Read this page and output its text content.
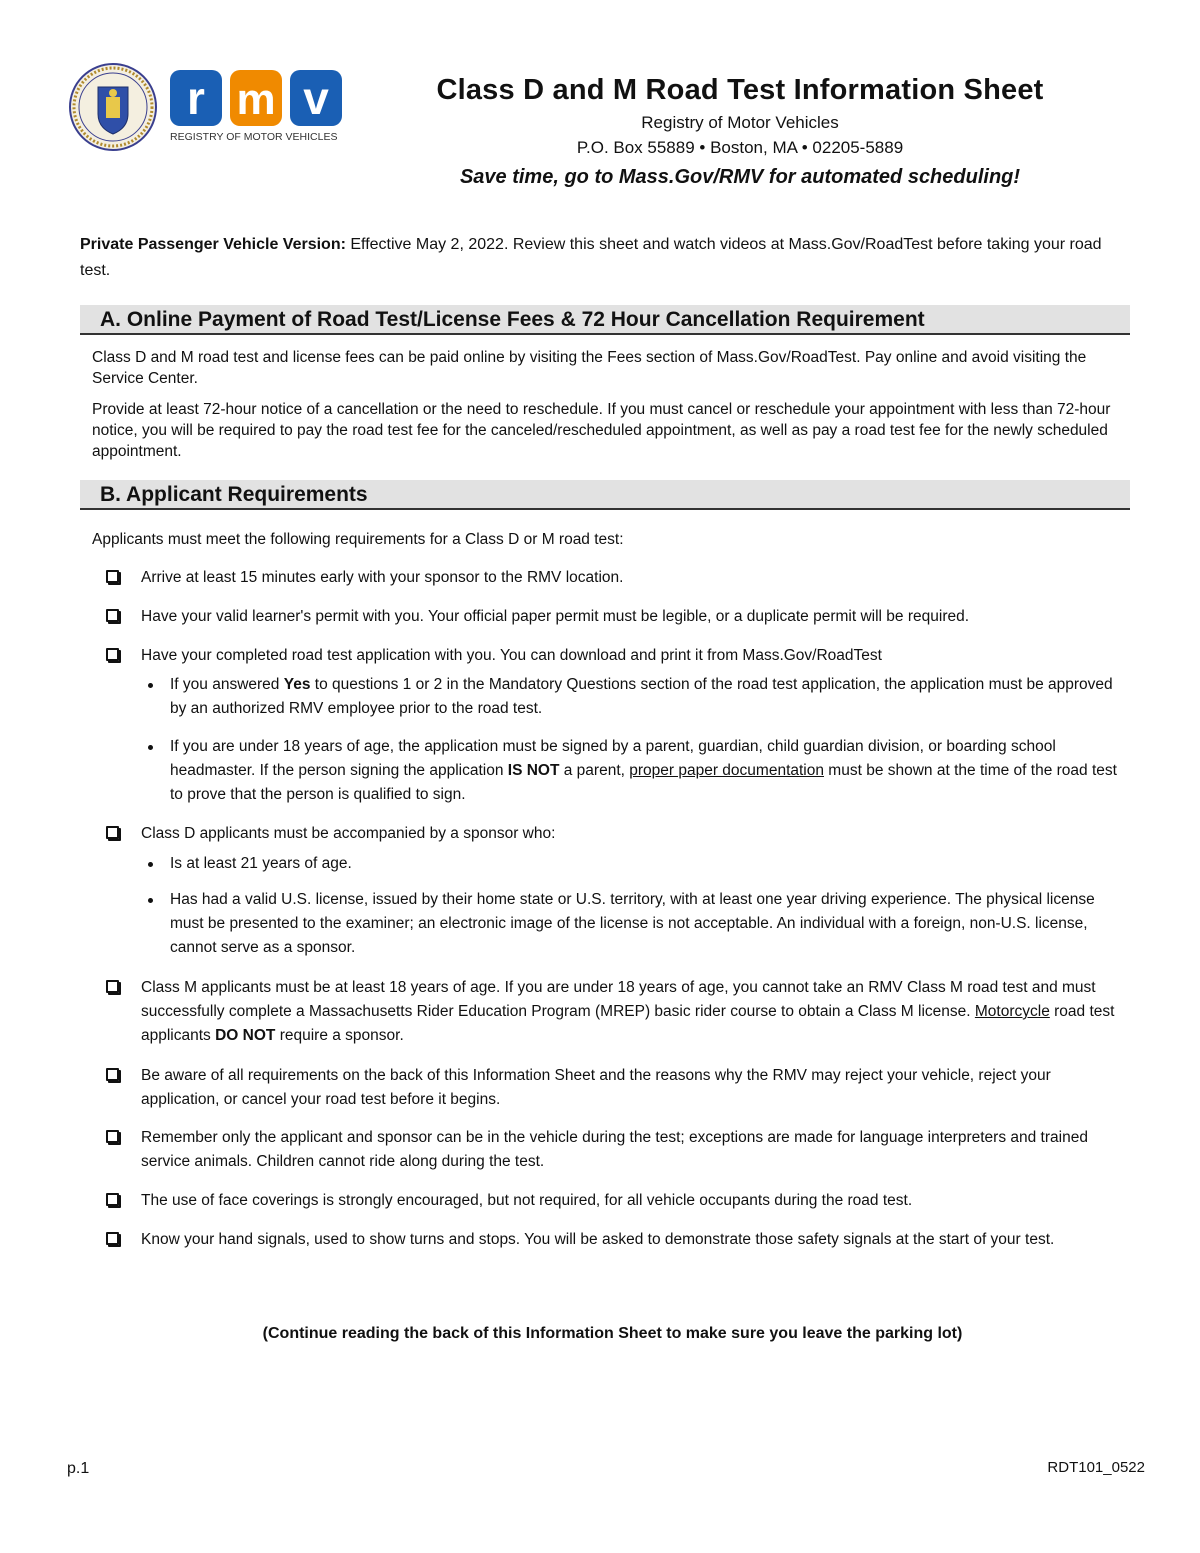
r m v
REGISTRY OF MOTOR VEHICLES
Class D and M Road Test Information Sheet
Registry of Motor Vehicles
P.O. Box 55889 • Boston, MA • 02205-5889
Save time, go to Mass.Gov/RMV for automated scheduling!
Private Passenger Vehicle Version: Effective May 2, 2022. Review this sheet and watch videos at Mass.Gov/RoadTest before taking your road test.
A. Online Payment of Road Test/License Fees & 72 Hour Cancellation Requirement
Class D and M road test and license fees can be paid online by visiting the Fees section of Mass.Gov/RoadTest. Pay online and avoid visiting the Service Center.
Provide at least 72-hour notice of a cancellation or the need to reschedule. If you must cancel or reschedule your appointment with less than 72-hour notice, you will be required to pay the road test fee for the canceled/rescheduled appointment, as well as pay a road test fee for the newly scheduled appointment.
B. Applicant Requirements
Applicants must meet the following requirements for a Class D or M road test:
Arrive at least 15 minutes early with your sponsor to the RMV location.
Have your valid learner's permit with you. Your official paper permit must be legible, or a duplicate permit will be required.
Have your completed road test application with you. You can download and print it from Mass.Gov/RoadTest
If you answered Yes to questions 1 or 2 in the Mandatory Questions section of the road test application, the application must be approved by an authorized RMV employee prior to the road test.
If you are under 18 years of age, the application must be signed by a parent, guardian, child guardian division, or boarding school headmaster. If the person signing the application IS NOT a parent, proper paper documentation must be shown at the time of the road test to prove that the person is qualified to sign.
Class D applicants must be accompanied by a sponsor who:
Is at least 21 years of age.
Has had a valid U.S. license, issued by their home state or U.S. territory, with at least one year driving experience. The physical license must be presented to the examiner; an electronic image of the license is not acceptable. An individual with a foreign, non-U.S. license, cannot serve as a sponsor.
Class M applicants must be at least 18 years of age. If you are under 18 years of age, you cannot take an RMV Class M road test and must successfully complete a Massachusetts Rider Education Program (MREP) basic rider course to obtain a Class M license. Motorcycle road test applicants DO NOT require a sponsor.
Be aware of all requirements on the back of this Information Sheet and the reasons why the RMV may reject your vehicle, reject your application, or cancel your road test before it begins.
Remember only the applicant and sponsor can be in the vehicle during the test; exceptions are made for language interpreters and trained service animals. Children cannot ride along during the test.
The use of face coverings is strongly encouraged, but not required, for all vehicle occupants during the road test.
Know your hand signals, used to show turns and stops. You will be asked to demonstrate those safety signals at the start of your test.
(Continue reading the back of this Information Sheet to make sure you leave the parking lot)
p.1	RDT101_0522
